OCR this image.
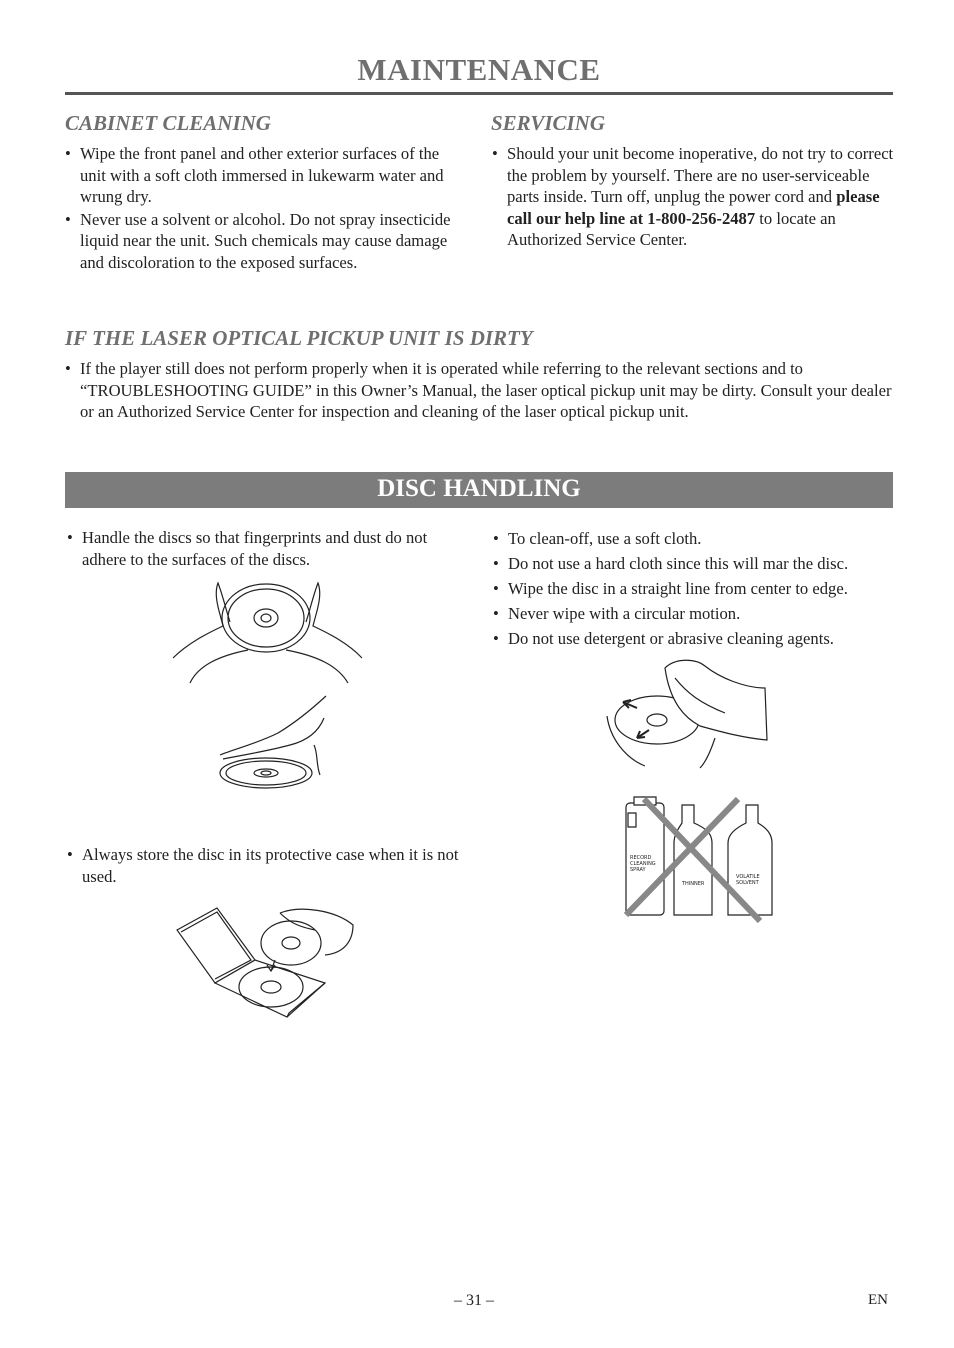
MAINTENANCE
CABINET CLEANING
• Wipe the front panel and other exterior surfaces of the unit with a soft cloth immersed in lukewarm water and wrung dry.
• Never use a solvent or alcohol. Do not spray insecticide liquid near the unit. Such chemicals may cause damage and discoloration to the exposed surfaces.
SERVICING
• Should your unit become inoperative, do not try to correct the problem by yourself. There are no user-serviceable parts inside. Turn off, unplug the power cord and please call our help line at 1-800-256-2487 to locate an Authorized Service Center.
IF THE LASER OPTICAL PICKUP UNIT IS DIRTY
• If the player still does not perform properly when it is operated while referring to the relevant sections and to “TROUBLESHOOTING GUIDE” in this Owner’s Manual, the laser optical pickup unit may be dirty. Consult your dealer or an Authorized Service Center for inspection and cleaning of the laser optical pickup unit.
DISC HANDLING
• Handle the discs so that fingerprints and dust do not adhere to the surfaces of the discs.
• Always store the disc in its protective case when it is not used.
• To clean-off, use a soft cloth.
• Do not use a hard cloth since this will mar the disc.
• Wipe the disc in a straight line from center to edge.
• Never wipe with a circular motion.
• Do not use detergent or abrasive cleaning agents.
RECORD
CLEANING
SPRAY
THINNER
VOLATILE
SOLVENT
– 31 –	EN
